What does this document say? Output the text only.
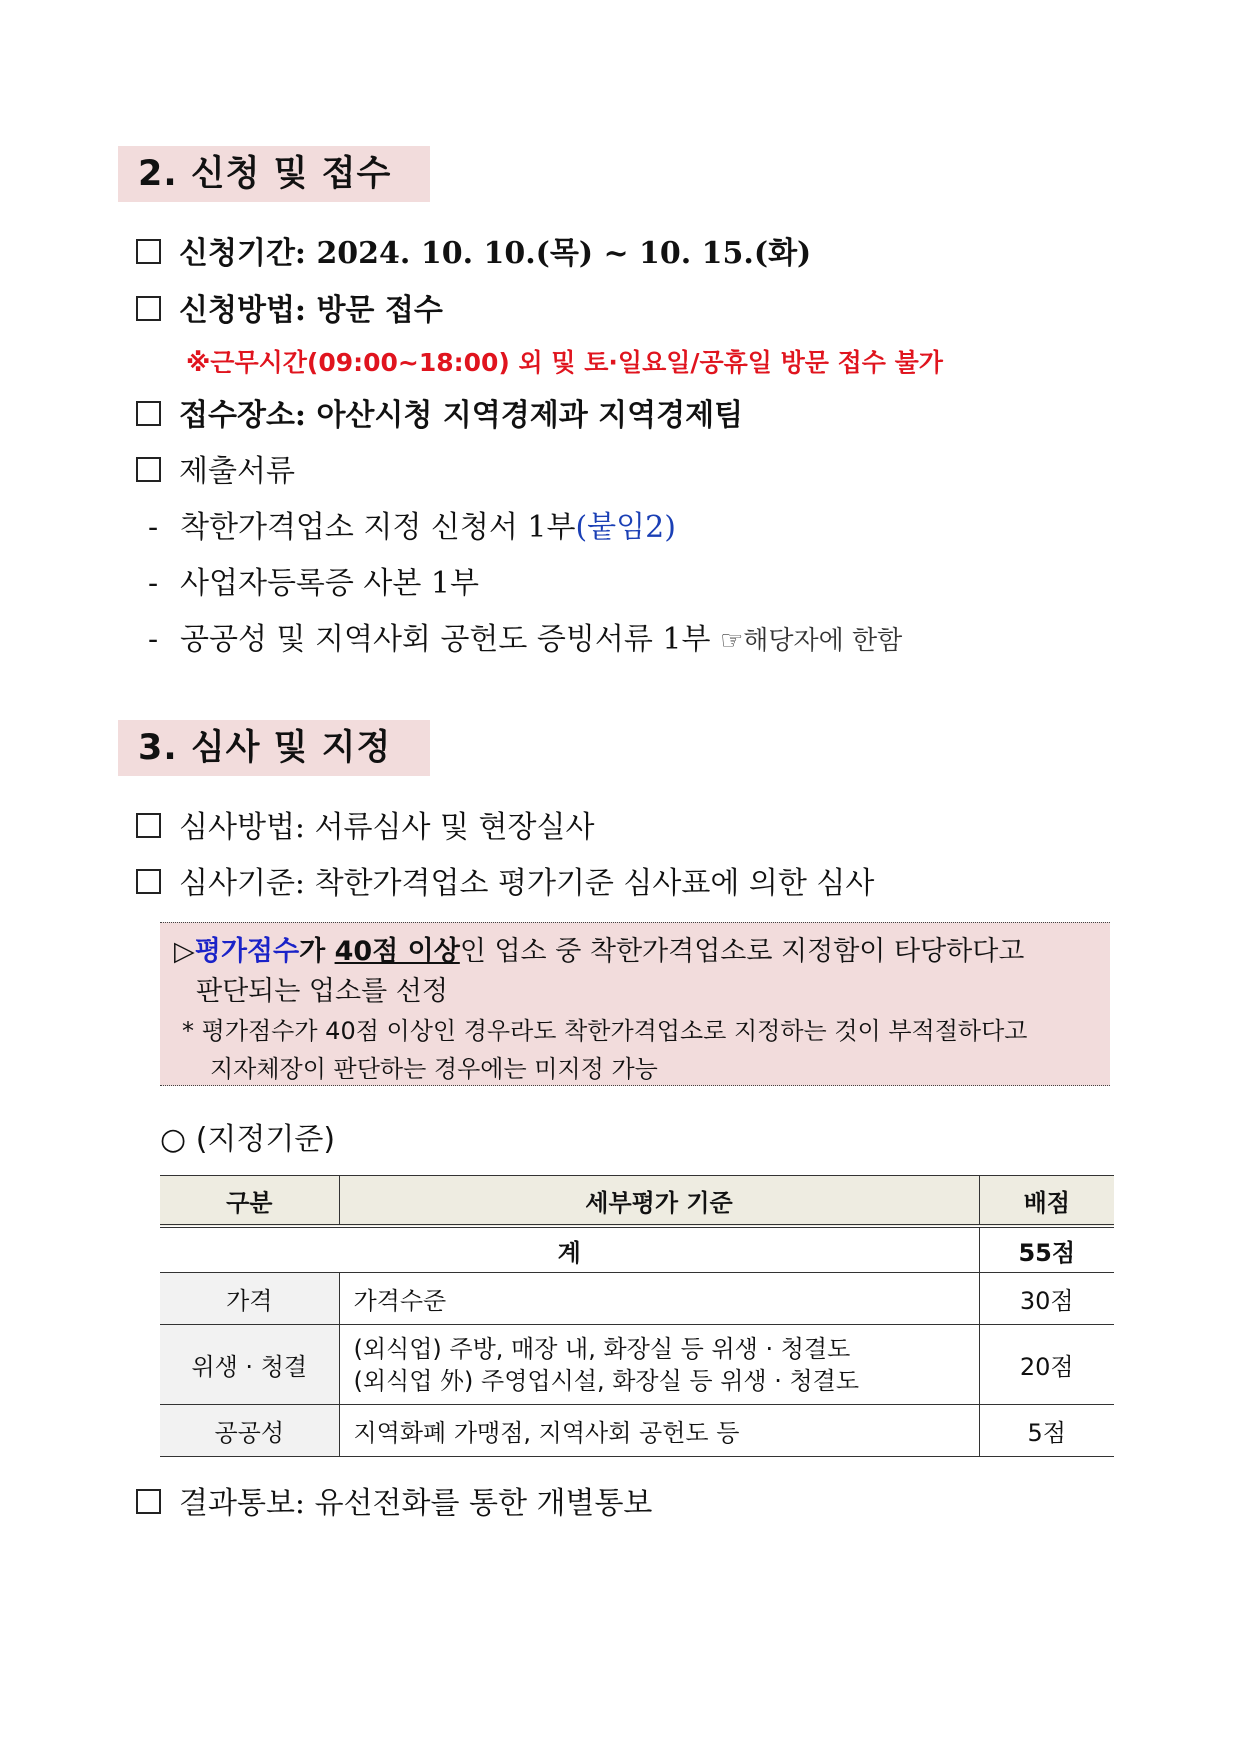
2. 신청 및 접수
신청기간: 2024. 10. 10.(목) ~ 10. 15.(화)
신청방법: 방문 접수
※근무시간(09:00~18:00) 외 및 토·일요일/공휴일 방문 접수 불가
접수장소: 아산시청 지역경제과 지역경제팀
제출서류
- 착한가격업소 지정 신청서 1부(붙임2)
- 사업자등록증 사본 1부
- 공공성 및 지역사회 공헌도 증빙서류 1부 ☞해당자에 한함
3. 심사 및 지정
심사방법: 서류심사 및 현장실사
심사기준: 착한가격업소 평가기준 심사표에 의한 심사
▷평가점수가 40점 이상인 업소 중 착한가격업소로 지정함이 타당하다고
판단되는 업소를 선정
* 평가점수가 40점 이상인 경우라도 착한가격업소로 지정하는 것이 부적절하다고
지자체장이 판단하는 경우에는 미지정 가능
○ (지정기준)
구분	세부평가 기준	배점
계		55점
가격	가격수준	30점
위생 · 청결	(외식업) 주방, 매장 내, 화장실 등 위생 · 청결도
(외식업 外) 주영업시설, 화장실 등 위생 · 청결도	20점
공공성	지역화폐 가맹점, 지역사회 공헌도 등	5점
결과통보: 유선전화를 통한 개별통보
